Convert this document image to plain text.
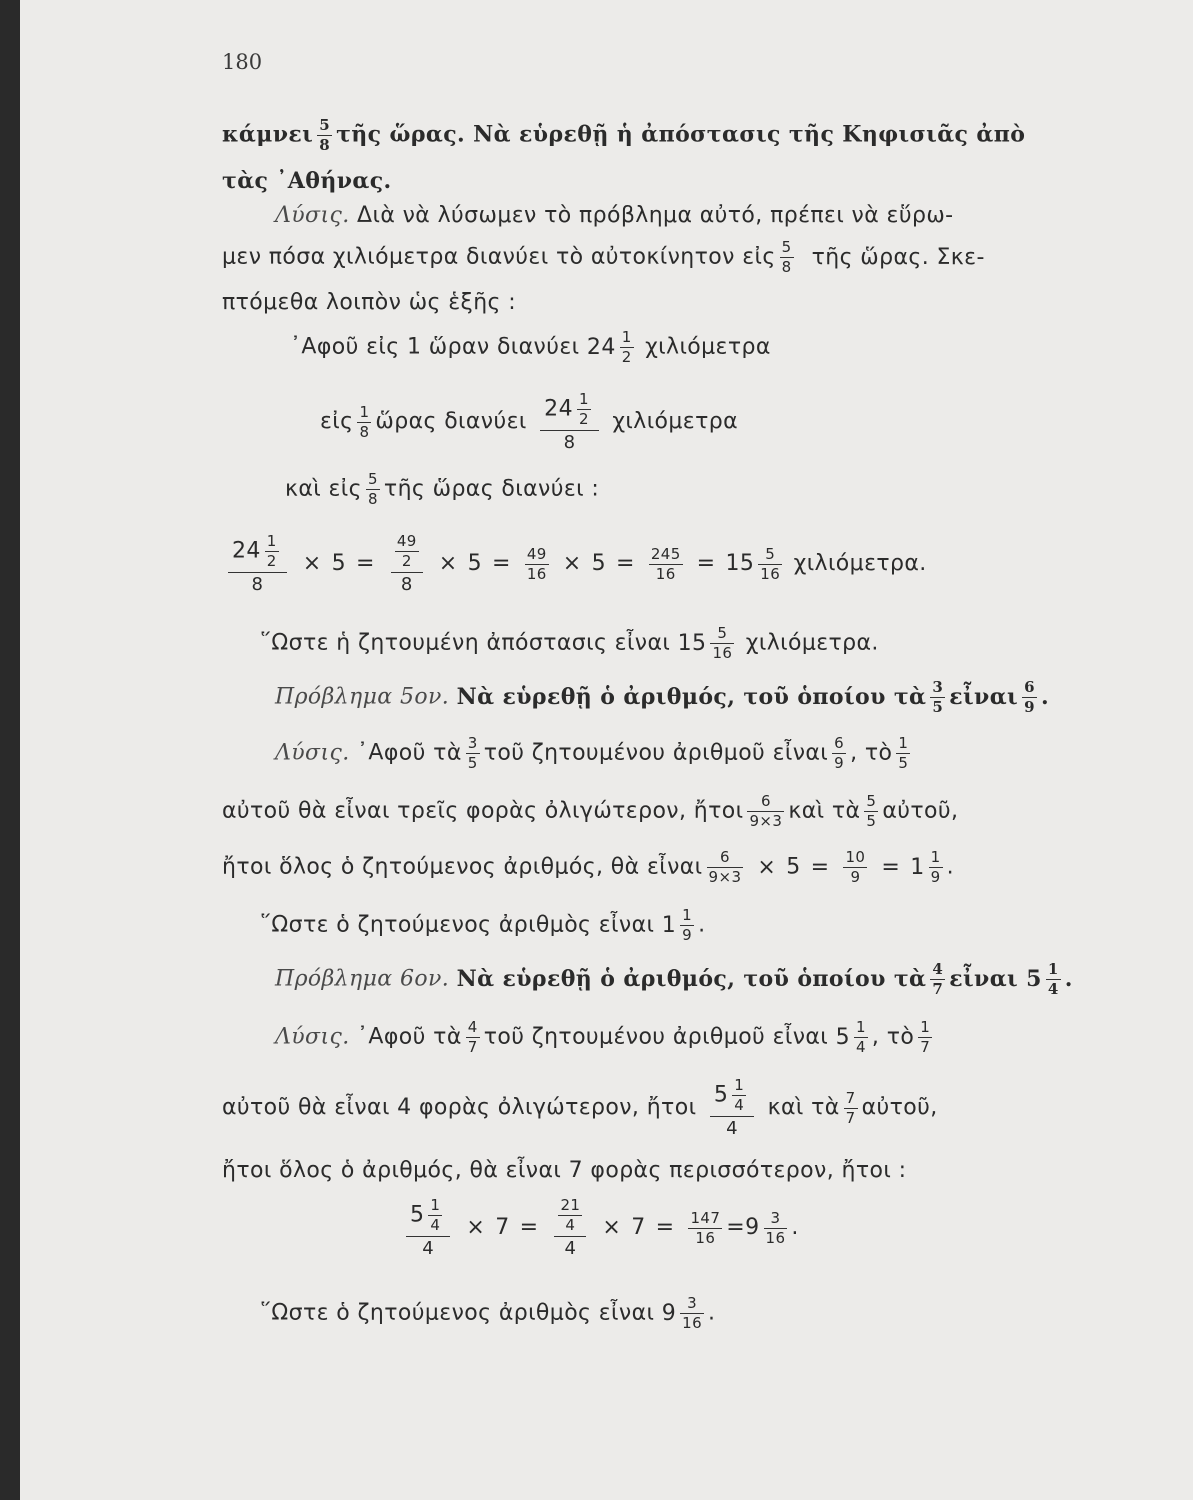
180
κάμνει $\frac{5}{8}$ τῆς ὥρας. Νὰ εὑρεθῇ ἡ ἀπόστασις τῆς Κηφισιᾶς ἀπὸ
τὰς ᾿Αθήνας.
Λύσις. Διὰ νὰ λύσωμεν τὸ πρόβλημα αὐτό, πρέπει νὰ εὕρω-
μεν πόσα χιλιόμετρα διανύει τὸ αὐτοκίνητον εἰς $\frac{5}{8}$ τῆς ὥρας. Σκε-
πτόμεθα λοιπὸν ὡς ἑξῆς :
᾿Αφοῦ εἰς 1 ὥραν διανύει $24 \frac{1}{2}$ χιλιόμετρα
εἰς $\frac{1}{8}$ ὥρας διανύει $24 \frac{1}{2}$
8
χιλιόμετρα
καὶ εἰς $\frac{5}{8}$ τῆς ὥρας διανύει :
$24 \frac{1}{2}$
8
× $5 = \frac{49}{2}$
8
× $5 = \frac{49}{16} \times 5 = \frac{245}{16} = 15 \frac{5}{16} \chi\iota\lambda\iota ό\mu\varepsilon\tau\rho\alpha$.
῞Ωστε ἡ ζητουμένη ἀπόστασις εἶναι $15 \frac{5}{16} \chi\iota\lambda\iota ό\mu\varepsilon\tau\rho\alpha$.
Πρόβλημα 5ον. Νὰ εὑρεθῇ ὁ ἀριθμός, τοῦ ὁποίου τὰ $\frac{3}{5}$ εἶναι $\frac{6}{9}$ .
Λύσις. ᾿Αφοῦ τὰ $\frac{3}{5}$ τοῦ ζητουμένου ἀριθμοῦ εἶναι $\frac{6}{9}$ , τὸ $\frac{1}{5}$
αὐτοῦ θὰ εἶναι τρεῖς φορὰς ὀλιγώτερον, ἤτοι $\frac{6}{9\times 3}$ καὶ τὰ $\frac{5}{5}$ αὐτοῦ,
ἤτοι ὅλος ὁ ζητούμενος ἀριθμός, θὰ εἶναι $\frac{6}{9\times 3} \times 5 = \frac{10}{9} = 1 \frac{1}{9}$ .
῞Ωστε ὁ ζητούμενος ἀριθμὸς εἶναι $1 \frac{1}{9}$ .
Πρόβλημα 6ον. Νὰ εὑρεθῇ ὁ ἀριθμός, τοῦ ὁποίου τὰ $\frac{4}{7}$ εἶναι $5 \frac{1}{4}$ .
Λύσις. ᾿Αφοῦ τὰ $\frac{4}{7}$ τοῦ ζητουμένου ἀριθμοῦ εἶναι $5 \frac{1}{4}$ , τὸ $\frac{1}{7}$
αὐτοῦ θὰ εἶναι 4 φορὰς ὀλιγώτερον, ἤτοι $5 \frac{1}{4}$
4
καὶ τὰ $\frac{7}{7}$ αὐτοῦ,
ἤτοι ὅλος ὁ ἀριθμός, θὰ εἶναι 7 φορὰς περισσότερον, ἤτοι :
$5 \frac{1}{4}$
4
× $7 = \frac{21}{4}$
4
× $7 = \frac{147}{16} = 9 \frac{3}{16}$ .
῞Ωστε ὁ ζητούμενος ἀριθμὸς εἶναι $9 \frac{3}{16}$ .
